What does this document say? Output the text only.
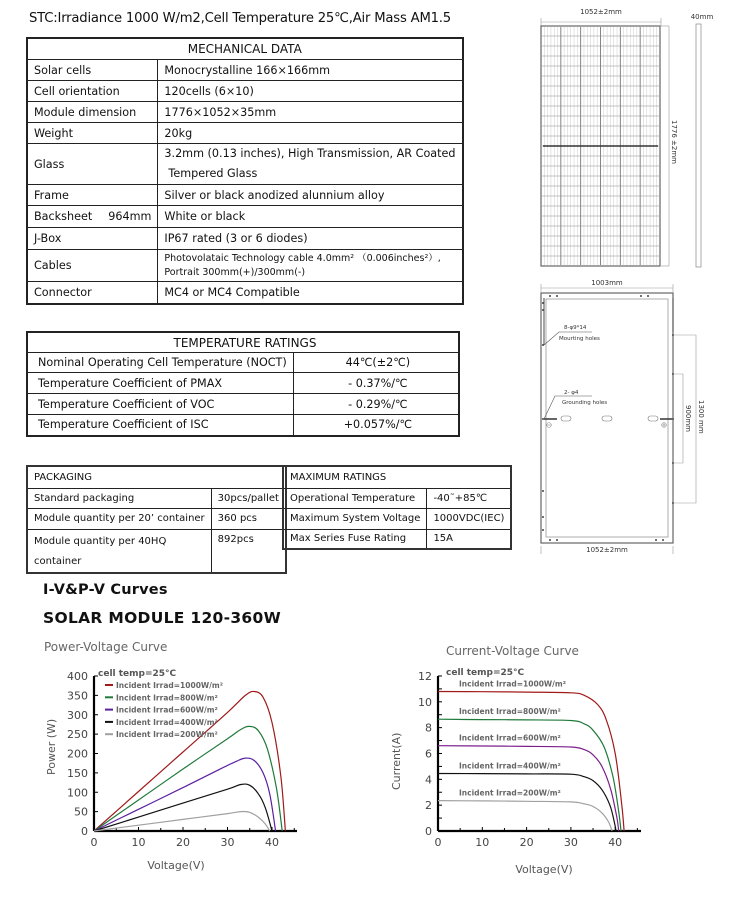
STC:Irradiance 1000 W/m2,Cell Temperature 25℃,Air Mass AM1.5
MECHANICAL DATA	
Solar cells	Monocrystalline 166×166mm
Cell orientation	120cells (6×10)
Module dimension	1776×1052×35mm
Weight	20kg
Glass	3.2mm (0.13 inches), High Transmission, AR Coated
Tempered Glass

Frame	Silver or black anodized alunnium alloy
Backsheet 964mm	White or black
J-Box	IP67 rated (3 or 6 diodes)
Cables	Photovolataic Technology cable 4.0mm² （0.006inches²）,
Portrait 300mm(+)/300mm(-)

Connector	MC4 or MC4 Compatible
TEMPERATURE RATINGS	
Nominal Operating Cell Temperature (NOCT)	44℃(±2℃)
Temperature Coefficient of PMAX	- 0.37%/℃
Temperature Coefficient of VOC	- 0.29%/℃
Temperature Coefficient of ISC	+0.057%/℃
PACKAGING	
Standard packaging	30pcs/pallet
Module quantity per 20’ container	360 pcs

Module quantity per 40HQ
container	892pcs
MAXIMUM RATINGS	
Operational Temperature	-40˜+85℃
Maximum System Voltage	1000VDC(IEC)
Max Series Fuse Rating	15A
1052±2mm
40mm
1776 ±2mm
1003mm
8-φ9*14
Mourting holes
2- φ4
Grounding holes
900mm 1300 mm
1052±2mm
I-V&P-V Curves
SOLAR MODULE 120-360W
Power-Voltage Curve	Current-Voltage Curve
cell temp=25°C
Power (W)
Voltage(V)
0
50
100
150
200
250
300
350
400
0	10	20	30	40
Incident Irrad=1000W/m²
Incident Irrad=800W/m²
Incident Irrad=600W/m²
Incident Irrad=400W/m²
Incident Irrad=200W/m²
cell temp=25°C
Current(A)
Voltage(V)
0
2
4
6
8
10
12
0	10	20	30	40
Incident Irrad=1000W/m²
Incident Irrad=800W/m²
Incident Irrad=600W/m²
Incident Irrad=400W/m²
Incident Irrad=200W/m²
